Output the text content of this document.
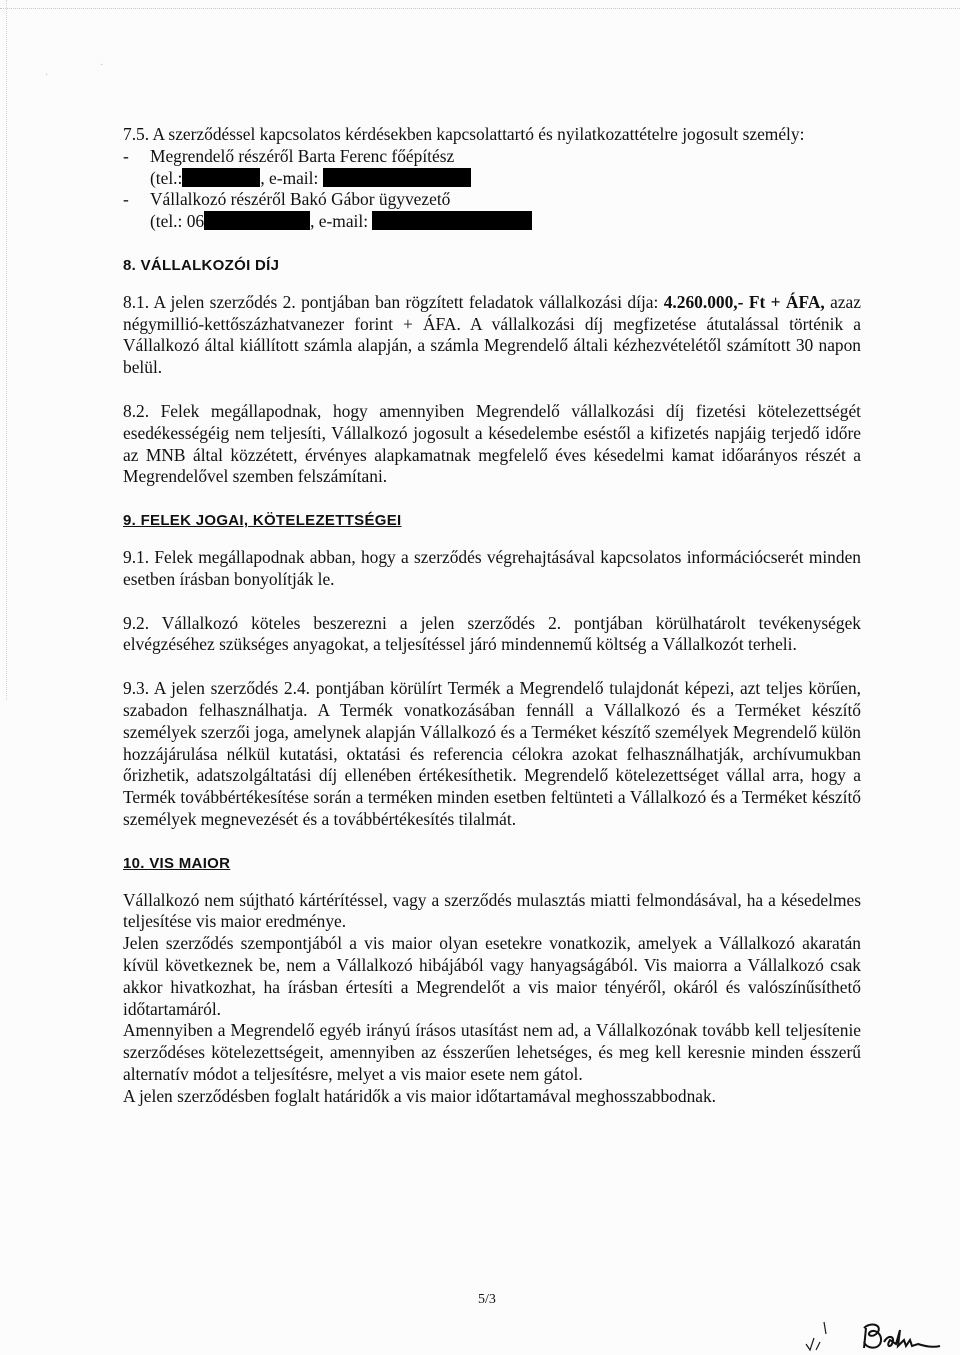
·
·

7.5. A szerződéssel kapcsolatos kérdésekben kapcsolattartó és nyilatkozattételre jogosult személy:

-	Megrendelő részéről Barta Ferenc főépítész
(tel.:	, e-mail:
-	Vállalkozó részéről Bakó Gábor ügyvezető
(tel.: 06	, e-mail:
8. VÁLLALKOZÓI DÍJ

8.1. A jelen szerződés 2. pontjában ban rögzített feladatok vállalkozási díja: 4.260.000,- Ft + ÁFA, azaz négymillió-kettőszázhatvanezer forint + ÁFA. A vállalkozási díj megfizetése átutalással történik a Vállalkozó által kiállított számla alapján, a számla Megrendelő általi kézhezvételétől számított 30 napon belül.

8.2. Felek megállapodnak, hogy amennyiben Megrendelő vállalkozási díj fizetési kötelezettségét esedékességéig nem teljesíti, Vállalkozó jogosult a késedelembe eséstől a kifizetés napjáig terjedő időre az MNB által közzétett, érvényes alapkamatnak megfelelő éves késedelmi kamat időarányos részét a Megrendelővel szemben felszámítani.

9. FELEK JOGAI, KÖTELEZETTSÉGEI

9.1. Felek megállapodnak abban, hogy a szerződés végrehajtásával kapcsolatos információcserét minden esetben írásban bonyolítják le.

9.2. Vállalkozó köteles beszerezni a jelen szerződés 2. pontjában körülhatárolt tevékenységek elvégzéséhez szükséges anyagokat, a teljesítéssel járó mindennemű költség a Vállalkozót terheli.

9.3. A jelen szerződés 2.4. pontjában körülírt Termék a Megrendelő tulajdonát képezi, azt teljes körűen, szabadon felhasználhatja. A Termék vonatkozásában fennáll a Vállalkozó és a Terméket készítő személyek szerzői joga, amelynek alapján Vállalkozó és a Terméket készítő személyek Megrendelő külön hozzájárulása nélkül kutatási, oktatási és referencia célokra azokat felhasználhatják, archívumukban őrizhetik, adatszolgáltatási díj ellenében értékesíthetik. Megrendelő kötelezettséget vállal arra, hogy a Termék továbbértékesítése során a terméken minden esetben feltünteti a Vállalkozó és a Terméket készítő személyek megnevezését és a továbbértékesítés tilalmát.

10. VIS MAIOR

Vállalkozó nem sújtható kártérítéssel, vagy a szerződés mulasztás miatti felmondásával, ha a késedelmes teljesítése vis maior eredménye.

Jelen szerződés szempontjából a vis maior olyan esetekre vonatkozik, amelyek a Vállalkozó akaratán kívül következnek be, nem a Vállalkozó hibájából vagy hanyagságából. Vis maiorra a Vállalkozó csak akkor hivatkozhat, ha írásban értesíti a Megrendelőt a vis maior tényéről, okáról és valószínűsíthető időtartamáról.

Amennyiben a Megrendelő egyéb irányú írásos utasítást nem ad, a Vállalkozónak tovább kell teljesítenie szerződéses kötelezettségeit, amennyiben az ésszerűen lehetséges, és meg kell keresnie minden ésszerű alternatív módot a teljesítésre, melyet a vis maior esete nem gátol.

A jelen szerződésben foglalt határidők a vis maior időtartamával meghosszabbodnak.

5/3
